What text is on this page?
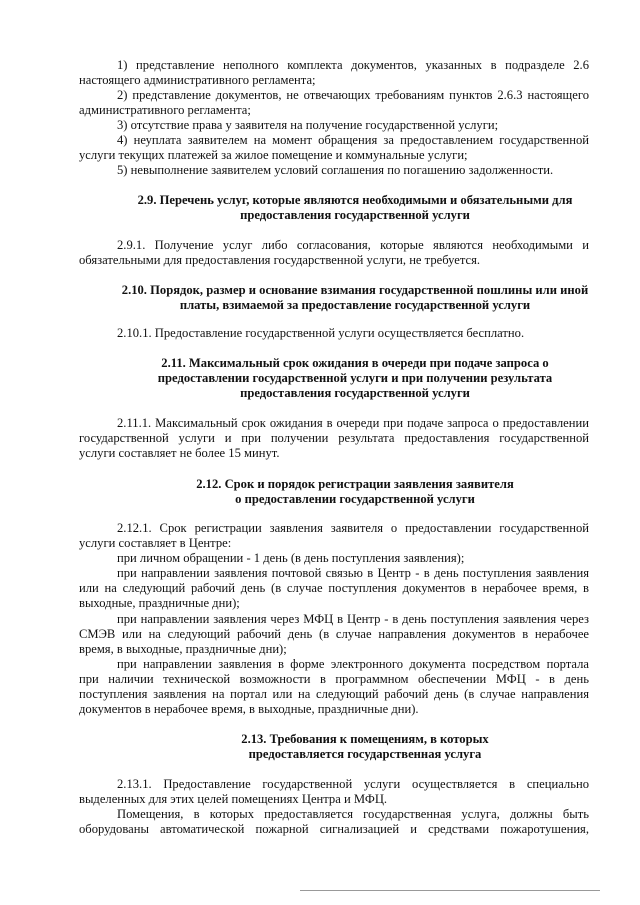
1) представление неполного комплекта документов, указанных в подразделе 2.6
настоящего административного регламента;
2) представление документов, не отвечающих требованиям пунктов 2.6.3 настоящего
административного регламента;
3) отсутствие права у заявителя на получение государственной услуги;
4) неуплата заявителем на момент обращения за предоставлением государственной
услуги текущих платежей за жилое помещение и коммунальные услуги;
5) невыполнение заявителем условий соглашения по погашению задолженности.
2.9. Перечень услуг, которые являются необходимыми и обязательными для
предоставления государственной услуги
2.9.1. Получение услуг либо согласования, которые являются необходимыми и
обязательными для предоставления государственной услуги, не требуется.
2.10. Порядок, размер и основание взимания государственной пошлины или иной
платы, взимаемой за предоставление государственной услуги
2.10.1. Предоставление государственной услуги осуществляется бесплатно.
2.11. Максимальный срок ожидания в очереди при подаче запроса о
предоставлении государственной услуги и при получении результата
предоставления государственной услуги
2.11.1. Максимальный срок ожидания в очереди при подаче запроса о предоставлении
государственной услуги и при получении результата предоставления государственной
услуги составляет не более 15 минут.
2.12. Срок и порядок регистрации заявления заявителя
о предоставлении государственной услуги
2.12.1. Срок регистрации заявления заявителя о предоставлении государственной
услуги составляет в Центре:
при личном обращении - 1 день (в день поступления заявления);
при направлении заявления почтовой связью в Центр - в день поступления заявления
или на следующий рабочий день (в случае поступления документов в нерабочее время, в
выходные, праздничные дни);
при направлении заявления через МФЦ в Центр - в день поступления заявления через
СМЭВ или на следующий рабочий день (в случае направления документов в нерабочее
время, в выходные, праздничные дни);
при направлении заявления в форме электронного документа посредством портала
при наличии технической возможности в программном обеспечении МФЦ - в день
поступления заявления на портал или на следующий рабочий день (в случае направления
документов в нерабочее время, в выходные, праздничные дни).
2.13. Требования к помещениям, в которых
предоставляется государственная услуга
2.13.1. Предоставление государственной услуги осуществляется в специально
выделенных для этих целей помещениях Центра и МФЦ.
Помещения, в которых предоставляется государственная услуга, должны быть
оборудованы автоматической пожарной сигнализацией и средствами пожаротушения,
